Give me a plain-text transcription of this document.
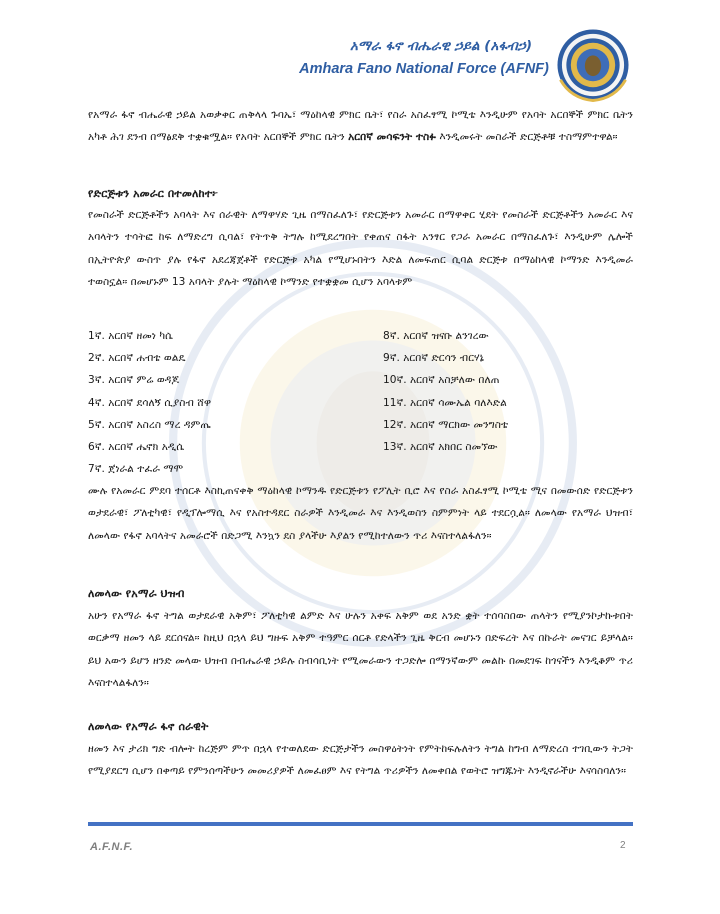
አማራ ፋኖ ብሔራዊ ኃይል (አፋብኃ)
Amhara Fano National Force (AFNF)
የአማራ ፋኖ ብሔራዊ ኃይል አወቃቀር ጠቅላላ ጉባኤ፣ ማዕከላዊ ምክር ቤት፣ የስራ አስፈፃሚ ኮሚቴ እንዲሁም የአባት አርበኞች ምክር ቤትን አካቶ ሕገ ደንብ በማፅደቅ ተቋቁሟል። የአባት አርበኞች ምክር ቤትን አርበኛ መሳፍንት ተስፉ እንዲመሩት መስራች ድርጅቶቹ ተስማምተዋል።
የድርጅቱን አመራር በተመለከተ፦
የመስራች ድርጅቶችን አባላት እና ሰራዊት ለማዋሃድ ጊዜ በማስፈለጉ፣ የድርጅቱን አመራር በማዋቀር ሂደት የመስራች ድርጅቶችን አመራር እና አባላትን ተሳትፎ ከፍ ለማድረግ ሲባል፣ የትጥቅ ትግሉ ከሚደረግበት የቀጠና ስፋት አንፃር የጋራ አመራር በማስፈለጉ፣ እንዲሁም ሌሎች በኢትዮጵያ ውስጥ ያሉ የፋኖ አደረጃጀቶች የድርጅቱ አካል የሚሆኑበትን እድል ለመፍጠር ሲባል ድርጅቱ በማዕከላዊ ኮማንድ እንዲመራ ተወስኗል። በመሆኑም 13 አባላት ያሉት ማዕከላዊ ኮማንድ የተቋቋመ ሲሆን አባላቱም
1ኛ. አርበኛ ዘመነ ካሴ
2ኛ. አርበኛ ሐብቴ ወልዴ
3ኛ. አርበኛ ምሬ ወዳጆ
4ኛ. አርበኛ ደሳለኝ ሲያስብ ሸዋ
5ኛ. አርበኛ አስረስ ማረ ዳምጤ
6ኛ. አርበኛ ሔኖክ አዲሴ
7ኛ. ጀነራል ተፈራ ማሞ
8ኛ. አርበኛ ዝናቡ ልንገረው
9ኛ. አርበኛ ድርሳን ብርሃኔ
10ኛ. አርበኛ አስቻለው በለጠ
11ኛ. አርበኛ ሳሙኤል ባለእድል
12ኛ. አርበኛ ማርክው መንግስቴ
13ኛ. አርበኛ አክበር ስመኘው
ሙሉ የአመራር ምደባ ተሰርቶ እስኪጠናቀቅ ማዕከላዊ ኮማንዱ የድርጅቱን የፖሊት ቢሮ እና የስራ አስፈፃሚ ኮሚቴ ሚና በመውሰድ የድርጅቱን ወታደራዊ፣ ፖለቲካዊ፣ የዲፕሎማሲ እና የአስተዳደር ስራዎች እንዲመራ እና እንዲወስን ስምምነት ላይ ተደርሷል። ለመላው የአማራ ህዝብ፣ ለመላው የፋኖ አባላትና አመራሮች በድጋሚ እንኳን ደስ ያላችሁ እያልን የሚከተለውን ጥሪ እናስተላልፋለን።
ለመላው የአማራ ህዝብ
አሁን የአማራ ፋኖ ትግል ወታደራዊ አቅም፣ ፖለቲካዊ ልምድ እና ሁሉን አቀፍ አቅም ወደ አንድ ቋት ተሰባስበው ጠላትን የሚያንኮታኩቱበት ወርቃማ ዘመን ላይ ደርሰናል። ከዚህ በኋላ ይህ ግዙፍ አቅም ተዓምር ሰርቶ የድላችን ጊዜ ቅርብ መሆኑን በድፍረት እና በኩራት መናገር ይቻላል። ይህ አውን ይሆን ዘንድ መላው ህዝብ በብሔራዊ ኃይሉ ስብሳቢነት የሚመራውን ተጋድሎ በማንኛውም መልኩ በመደገፍ ከጎናችን እንዲቆም ጥሪ እናስተላልፋለን።
ለመላው የአማራ ፋኖ ሰራዊት
ዘመን እና ታሪክ ግድ ብሎት ከረጅም ምጥ በኋላ የተወለደው ድርጅታችን መስዋዕትነት የምትከፍሉለትን ትግል ከግብ ለማድረስ ተገቢውን ትጋት የሚያደርግ ሲሆን በቀጣይ የምንሰጣችሁን መመሪያዎች ለመፈፀም እና የትግል ጥሪዎችን ለመቀበል የወትሮ ዝግጁነት እንዲኖራችሁ እናሳስባለን።
A.F.N.F.	2
